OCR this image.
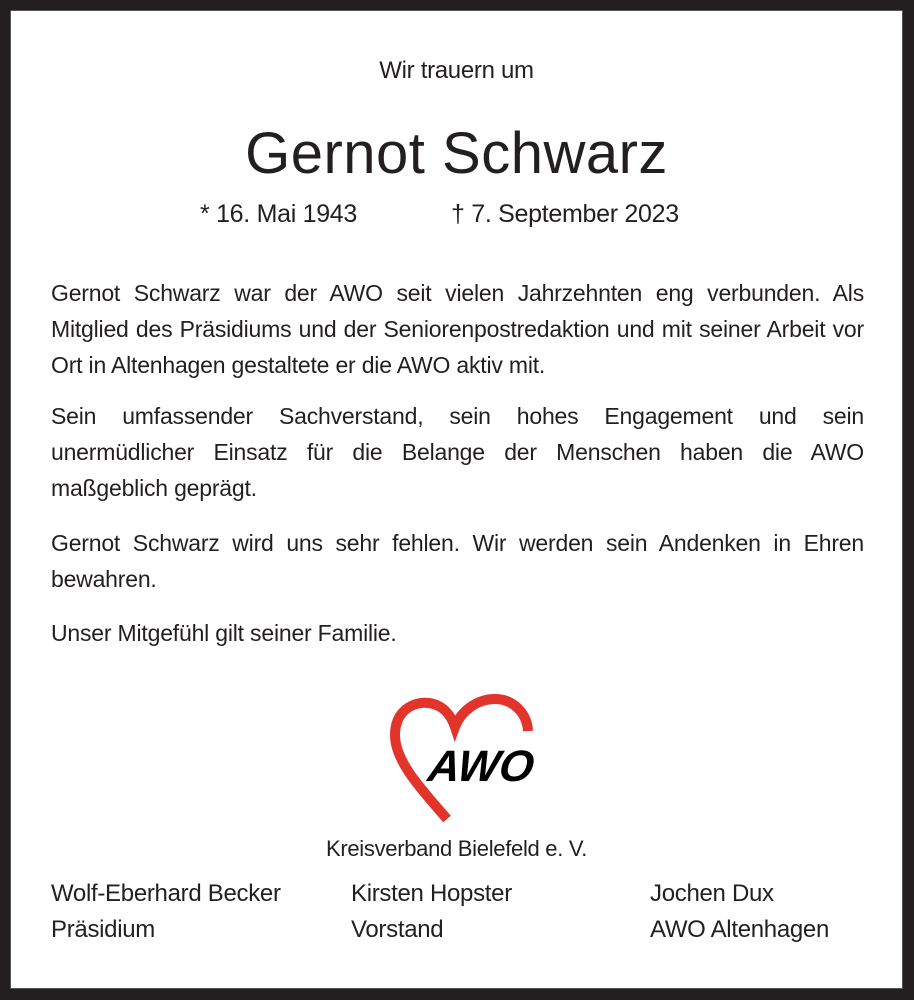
Wir trauern um
Gernot Schwarz
* 16. Mai 1943	† 7. September 2023
Gernot Schwarz war der AWO seit vielen Jahrzehnten eng verbunden. Als Mitglied des Präsidiums und der Seniorenpostredaktion und mit seiner Arbeit vor Ort in Altenhagen gestaltete er die AWO aktiv mit.
Sein umfassender Sachverstand, sein hohes Engagement und sein unermüdlicher Einsatz für die Belange der Menschen haben die AWO maßgeblich geprägt.
Gernot Schwarz wird uns sehr fehlen. Wir werden sein Andenken in Ehren bewahren.
Unser Mitgefühl gilt seiner Familie.
AWO
Kreisverband Bielefeld e. V.
Wolf-Eberhard Becker
Präsidium
Kirsten Hopster
Vorstand
Jochen Dux
AWO Altenhagen
